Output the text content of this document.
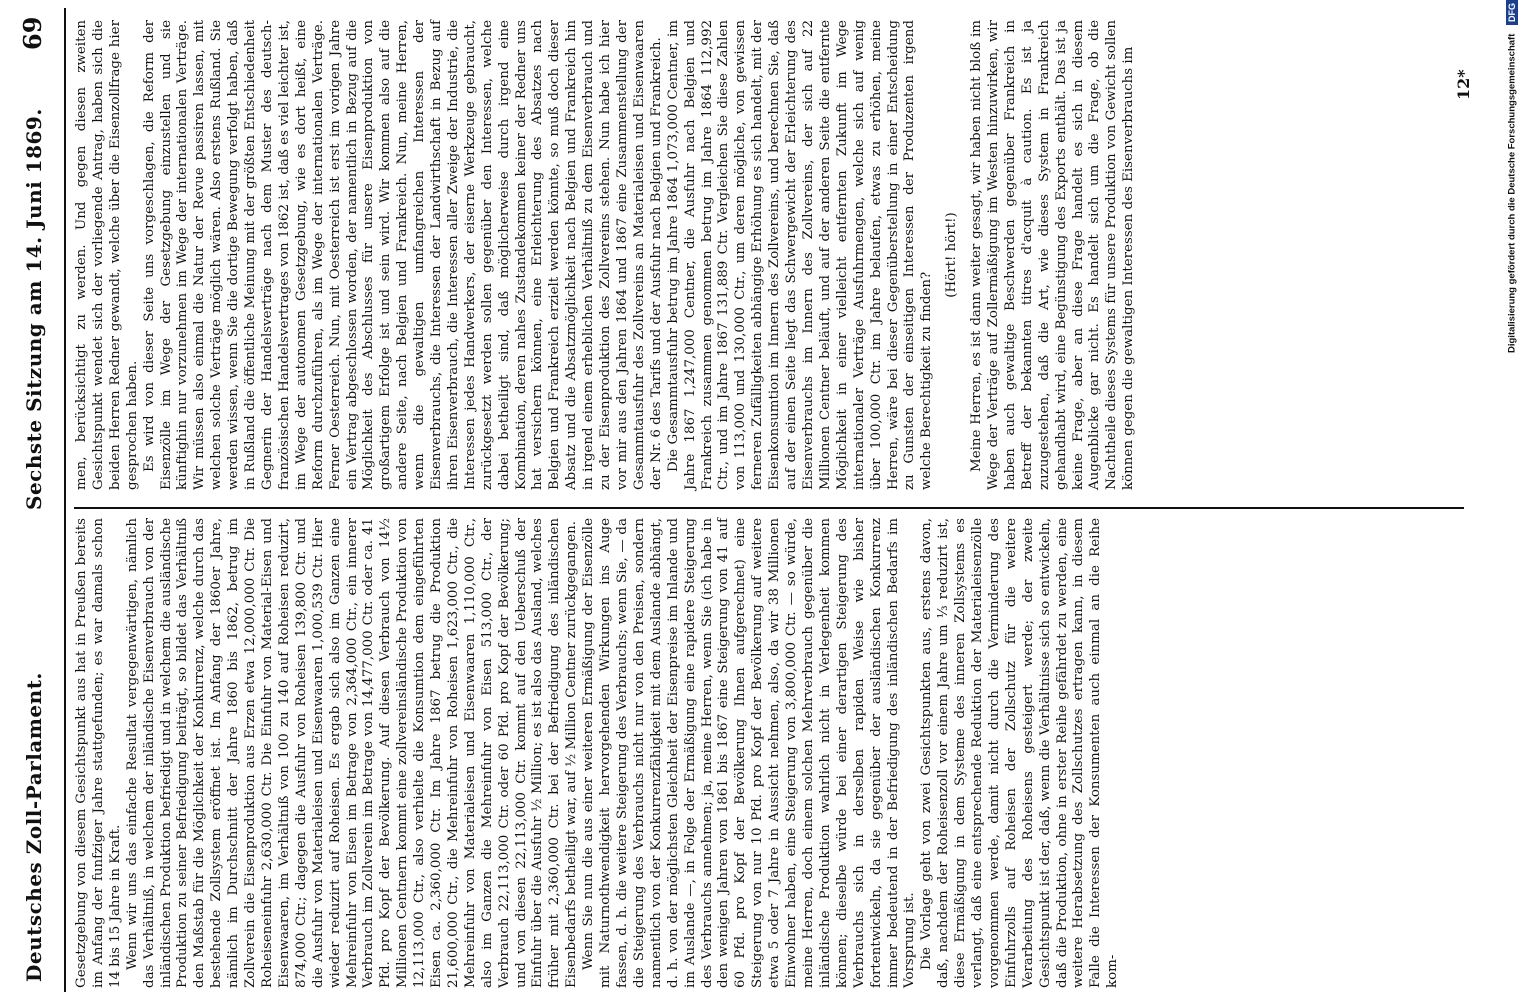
Deutsches Zoll-Parlament.
Sechste Sitzung am 14. Juni 1869.
69

Gesetzgebung von diesem Gesichtspunkt aus hat in Preußen bereits im Anfang der funfziger Jahre stattgefunden; es war damals schon 14 bis 15 Jahre in Kraft. Wenn wir uns das einfache Resultat vergegenwärtigen, nämlich das Verhältniß, in welchem der inländische Eisenverbrauch von der inländischen Produktion befriedigt und in welchem die ausländische Produktion zu seiner Befriedigung beiträgt, so bildet das Verhältniß den Maßstab für die Möglichkeit der Konkurrenz, welche durch das bestehende Zollsystem eröffnet ist. Im Anfang der 1860er Jahre, nämlich im Durchschnitt der Jahre 1860 bis 1862, betrug im Zollverein die Eisenproduktion aus Erzen etwa 12,000,000 Ctr. Die Roheiseneinfuhr 2,630,000 Ctr. Die Einfuhr von Material-Eisen und Eisenwaaren, im Verhältniß von 100 zu 140 auf Roheisen reduzirt, 874,000 Ctr.; dagegen die Ausfuhr von Roheisen 139,800 Ctr. und die Ausfuhr von Materialeisen und Eisenwaaren 1,000,539 Ctr. Hier wieder reduzirt auf Roheisen. Es ergab sich also im Ganzen eine Mehreinfuhr von Eisen im Betrage von 2,364,000 Ctr., ein innerer Verbrauch im Zollverein im Betrage von 14,477,000 Ctr. oder ca. 41 Pfd. pro Kopf der Bevölkerung. Auf diesen Verbrauch von 14½ Millionen Centnern kommt eine zollvereinsländische Produktion von 12,113,000 Ctr., also verhielte die Konsumtion dem eingeführten Eisen ca. 2,360,000 Ctr. Im Jahre 1867 betrug die Produktion 21,600,000 Ctr., die Mehreinfuhr von Roheisen 1,623,000 Ctr., die Mehreinfuhr von Materialeisen und Eisenwaaren 1,110,000 Ctr., also im Ganzen die Mehreinfuhr von Eisen 513,000 Ctr., der Verbrauch 22,113,000 Ctr. oder 60 Pfd. pro Kopf der Bevölkerung; und von diesen 22,113,000 Ctr. kommt auf den Ueberschuß der Einfuhr über die Ausfuhr ½ Million; es ist also das Ausland, welches früher mit 2,360,000 Ctr. bei der Befriedigung des inländischen Eisenbedarfs betheiligt war, auf ½ Million Centner zurückgegangen. Wenn Sie nun die aus einer weiteren Ermäßigung der Eisenzölle mit Naturnothwendigkeit hervorgehenden Wirkungen ins Auge fassen, d. h. die weitere Steigerung des Verbrauchs; wenn Sie, — da die Steigerung des Verbrauchs nicht nur von den Preisen, sondern namentlich von der Konkurrenzfähigkeit mit dem Auslande abhängt, d. h. von der möglichsten Gleichheit der Eisenpreise im Inlande und im Auslande —, in Folge der Ermäßigung eine rapidere Steigerung des Verbrauchs annehmen; ja, meine Herren, wenn Sie (ich habe in den wenigen Jahren von 1861 bis 1867 eine Steigerung von 41 auf 60 Pfd. pro Kopf der Bevölkerung Ihnen aufgerechnet) eine Steigerung von nur 10 Pfd. pro Kopf der Bevölkerung auf weitere etwa 5 oder 7 Jahre in Aussicht nehmen, also, da wir 38 Millionen Einwohner haben, eine Steigerung von 3,800,000 Ctr. — so würde, meine Herren, doch einem solchen Mehrverbrauch gegenüber die inländische Produktion wahrlich nicht in Verlegenheit kommen können; dieselbe würde bei einer derartigen Steigerung des Verbrauchs sich in derselben rapiden Weise wie bisher fortentwickeln, da sie gegenüber der ausländischen Konkurrenz immer bedeutend in der Befriedigung des inländischen Bedarfs im Vorsprung ist. Die Vorlage geht von zwei Gesichtspunkten aus, erstens davon, daß, nachdem der Roheisenzoll vor einem Jahre um ⅓ reduzirt ist, diese Ermäßigung in dem Systeme des inneren Zollsystems es verlangt, daß eine entsprechende Reduktion der Materialeisenzölle vorgenommen werde, damit nicht durch die Verminderung des Einfuhrzolls auf Roheisen der Zollschutz für die weitere Verarbeitung des Roheisens gesteigert werde; der zweite Gesichtspunkt ist der, daß, wenn die Verhältnisse sich so entwickeln, daß die Produktion, ohne in erster Reihe gefährdet zu werden, eine weitere Herabsetzung des Zollschutzes ertragen kann, in diesem Falle die Interessen der Konsumenten auch einmal an die Reihe kom-

men, berücksichtigt zu werden. Und gegen diesen zweiten Gesichtspunkt wendet sich der vorliegende Antrag, haben sich die beiden Herren Redner gewandt, welche über die Eisenzollfrage hier gesprochen haben. Es wird von dieser Seite uns vorgeschlagen, die Reform der Eisenzölle im Wege der Gesetzgebung einzustellen und sie künftighin nur vorzunehmen im Wege der internationalen Verträge. Wir müssen also einmal die Natur der Revue passiren lassen, mit welchen solche Verträge möglich wären. Also erstens Rußland. Sie werden wissen, wenn Sie die dortige Bewegung verfolgt haben, daß in Rußland die öffentliche Meinung mit der größten Entschiedenheit Gegnerin der Handelsverträge nach dem Muster des deutsch-französischen Handelsvertrages von 1862 ist, daß es viel leichter ist, im Wege der autonomen Gesetzgebung, wie es dort heißt, eine Reform durchzuführen, als im Wege der internationalen Verträge. Ferner Oesterreich. Nun, mit Oesterreich ist erst im vorigen Jahre ein Vertrag abgeschlossen worden, der namentlich in Bezug auf die Möglichkeit des Abschlusses für unsere Eisenproduktion von großartigem Erfolge ist und sein wird. Wir kommen also auf die andere Seite, nach Belgien und Frankreich. Nun, meine Herren, wenn die gewaltigen umfangreichen Interessen der Eisenverbrauchs, die Interessen der Landwirthschaft in Bezug auf ihren Eisenverbrauch, die Interessen aller Zweige der Industrie, die Interessen jedes Handwerkers, der eiserne Werkzeuge gebraucht, zurückgesetzt werden sollen gegenüber den Interessen, welche dabei betheiligt sind, daß möglicherweise durch irgend eine Kombination, deren nahes Zustandekommen keiner der Redner uns hat versichern können, eine Erleichterung des Absatzes nach Belgien und Frankreich erzielt werden könnte, so muß doch dieser Absatz und die Absatzmöglichkeit nach Belgien und Frankreich hin in irgend einem erheblichen Verhältniß zu dem Eisenverbrauch und zu der Eisenproduktion des Zollvereins stehen. Nun habe ich hier vor mir aus den Jahren 1864 und 1867 eine Zusammenstellung der Gesammtausfuhr des Zollvereins an Materialeisen und Eisenwaaren der Nr. 6 des Tarifs und der Ausfuhr nach Belgien und Frankreich. Die Gesammtausfuhr betrug im Jahre 1864 1,073,000 Centner, im Jahre 1867 1,247,000 Centner, die Ausfuhr nach Belgien und Frankreich zusammen genommen betrug im Jahre 1864 112,992 Ctr., und im Jahre 1867 131,889 Ctr. Vergleichen Sie diese Zahlen von 113,000 und 130,000 Ctr., um deren mögliche, von gewissen ferneren Zufälligkeiten abhängige Erhöhung es sich handelt, mit der Eisenkonsumtion im Innern des Zollvereins, und berechnen Sie, daß auf der einen Seite liegt das Schwergewicht der Erleichterung des Eisenverbrauchs im Innern des Zollvereins, der sich auf 22 Millionen Centner beläuft, und auf der anderen Seite die entfernte Möglichkeit in einer vielleicht entfernten Zukunft im Wege internationaler Verträge Ausfuhrmengen, welche sich auf wenig über 100,000 Ctr. im Jahre belaufen, etwas zu erhöhen, meine Herren, wäre bei dieser Gegenüberstellung in einer Entscheidung zu Gunsten der einseitigen Interessen der Produzenten irgend welche Berechtigkeit zu finden?

(Hört! hört!) Meine Herren, es ist dann weiter gesagt, wir haben nicht bloß im Wege der Verträge auf Zollermäßigung im Westen hinzuwirken, wir haben auch gewaltige Beschwerden gegenüber Frankreich in Betreff der bekannten titres d'acquit à caution. Es ist ja zuzugestehen, daß die Art, wie dieses System in Frankreich gehandhabt wird, eine Begünstigung des Exports enthält. Das ist ja keine Frage, aber an diese Frage handelt es sich in diesem Augenblicke gar nicht. Es handelt sich um die Frage, ob die Nachtheile dieses Systems für unsere Produktion von Gewicht sollen können gegen die gewaltigen Interessen des Eisenverbrauchs im	12*	Digitalisierung gefördert durch die Deutsche Forschungsgemeinschaft DFG
